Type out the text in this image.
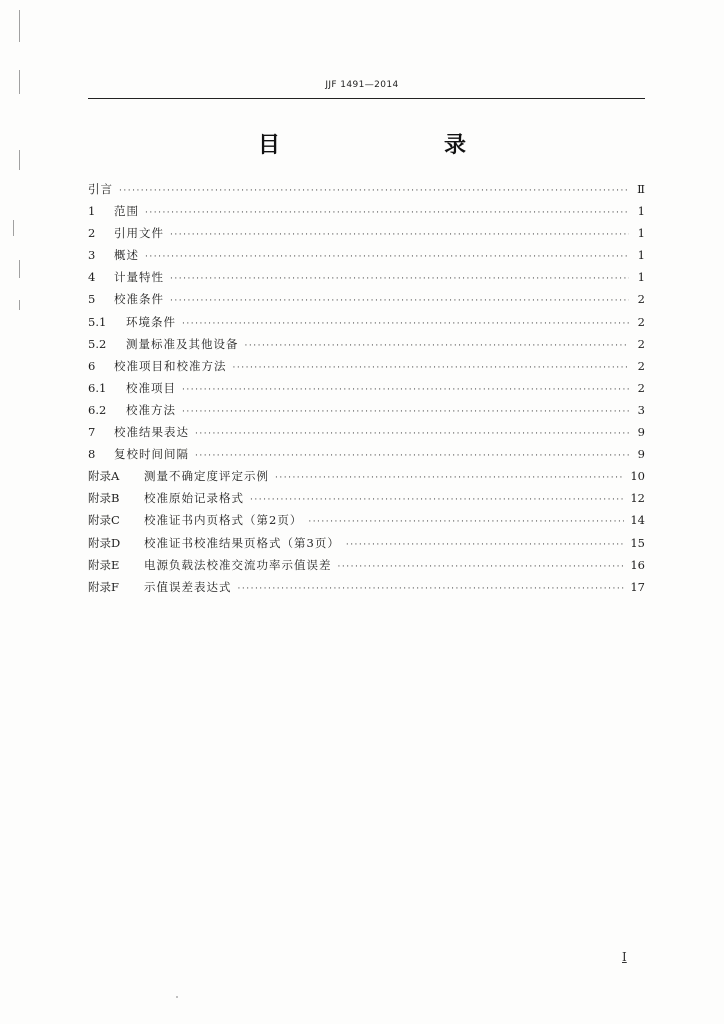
JJF 1491—2014
目　　录
引言 ·····	Ⅱ
1	范围 ·····	1
2	引用文件 ·····	1
3	概述 ·····	1
4	计量特性 ·····	1
5	校准条件 ·····	2
5.1	环境条件 ·····	2
5.2	测量标准及其他设备 ·····	2
6	校准项目和校准方法 ·····	2
6.1	校准项目 ·····	2
6.2	校准方法 ·····	3
7	校准结果表达 ·····	9
8	复校时间间隔 ·····	9
附录A	测量不确定度评定示例 ·····	10
附录B	校准原始记录格式 ·····	12
附录C	校准证书内页格式（第2页） ·····	14
附录D	校准证书校准结果页格式（第3页） ·····	15
附录E	电源负载法校准交流功率示值误差 ·····	16
附录F	示值误差表达式 ·····	17
Ⅰ
